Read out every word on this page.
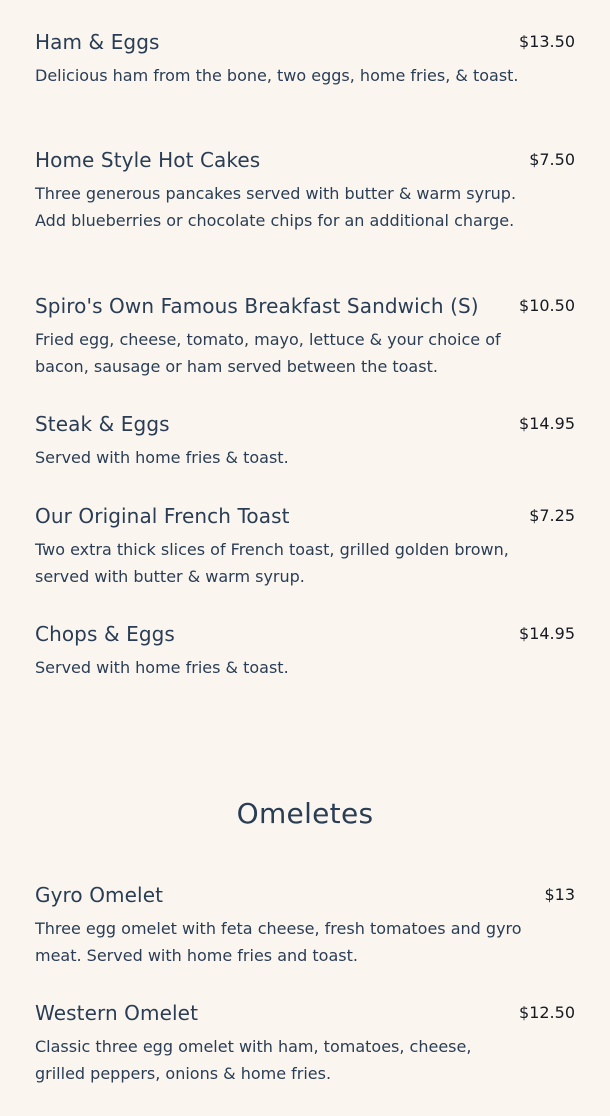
Ham & Eggs	$13.50
Delicious ham from the bone, two eggs, home fries, & toast.
Home Style Hot Cakes	$7.50
Three generous pancakes served with butter & warm syrup. Add blueberries or chocolate chips for an additional charge.
Spiro's Own Famous Breakfast Sandwich (S)	$10.50
Fried egg, cheese, tomato, mayo, lettuce & your choice of bacon, sausage or ham served between the toast.
Steak & Eggs	$14.95
Served with home fries & toast.
Our Original French Toast	$7.25
Two extra thick slices of French toast, grilled golden brown, served with butter & warm syrup.
Chops & Eggs	$14.95
Served with home fries & toast.
Omeletes
Gyro Omelet	$13
Three egg omelet with feta cheese, fresh tomatoes and gyro meat. Served with home fries and toast.
Western Omelet	$12.50
Classic three egg omelet with ham, tomatoes, cheese, grilled peppers, onions & home fries.
